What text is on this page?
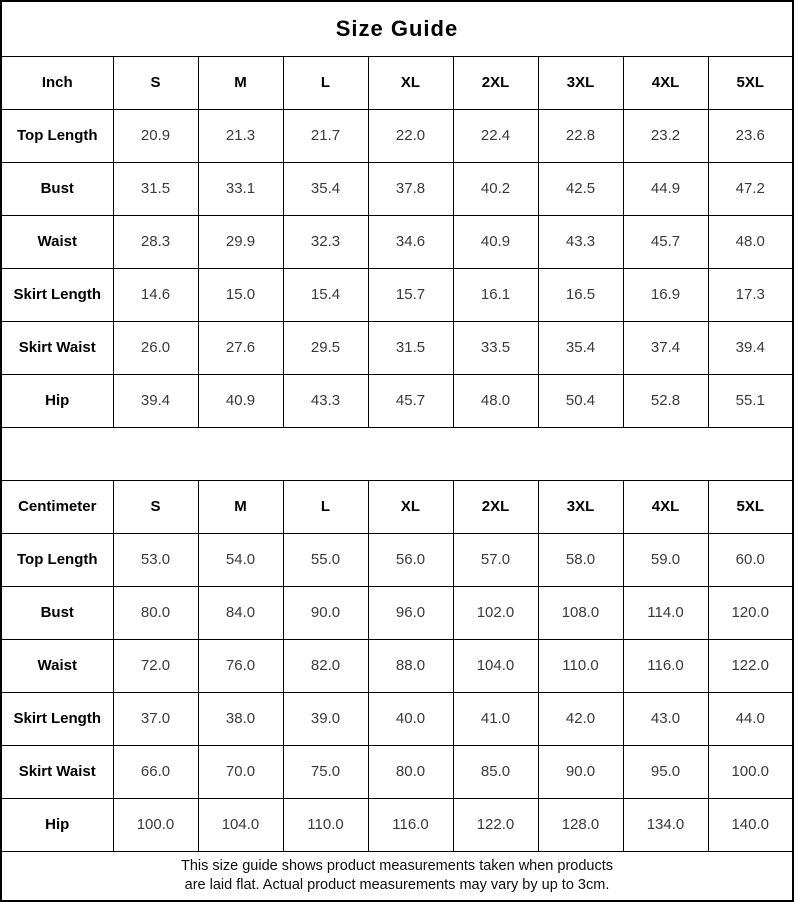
Size Guide								
Inch	S	M	L	XL	2XL	3XL	4XL	5XL
Top Length	20.9	21.3	21.7	22.0	22.4	22.8	23.2	23.6
Bust	31.5	33.1	35.4	37.8	40.2	42.5	44.9	47.2
Waist	28.3	29.9	32.3	34.6	40.9	43.3	45.7	48.0
Skirt Length	14.6	15.0	15.4	15.7	16.1	16.5	16.9	17.3
Skirt Waist	26.0	27.6	29.5	31.5	33.5	35.4	37.4	39.4
Hip	39.4	40.9	43.3	45.7	48.0	50.4	52.8	55.1

Centimeter	S	M	L	XL	2XL	3XL	4XL	5XL
Top Length	53.0	54.0	55.0	56.0	57.0	58.0	59.0	60.0
Bust	80.0	84.0	90.0	96.0	102.0	108.0	114.0	120.0
Waist	72.0	76.0	82.0	88.0	104.0	110.0	116.0	122.0
Skirt Length	37.0	38.0	39.0	40.0	41.0	42.0	43.0	44.0
Skirt Waist	66.0	70.0	75.0	80.0	85.0	90.0	95.0	100.0
Hip	100.0	104.0	110.0	116.0	122.0	128.0	134.0	140.0

This size guide shows product measurements taken when products
are laid flat. Actual product measurements may vary by up to 3cm.								
